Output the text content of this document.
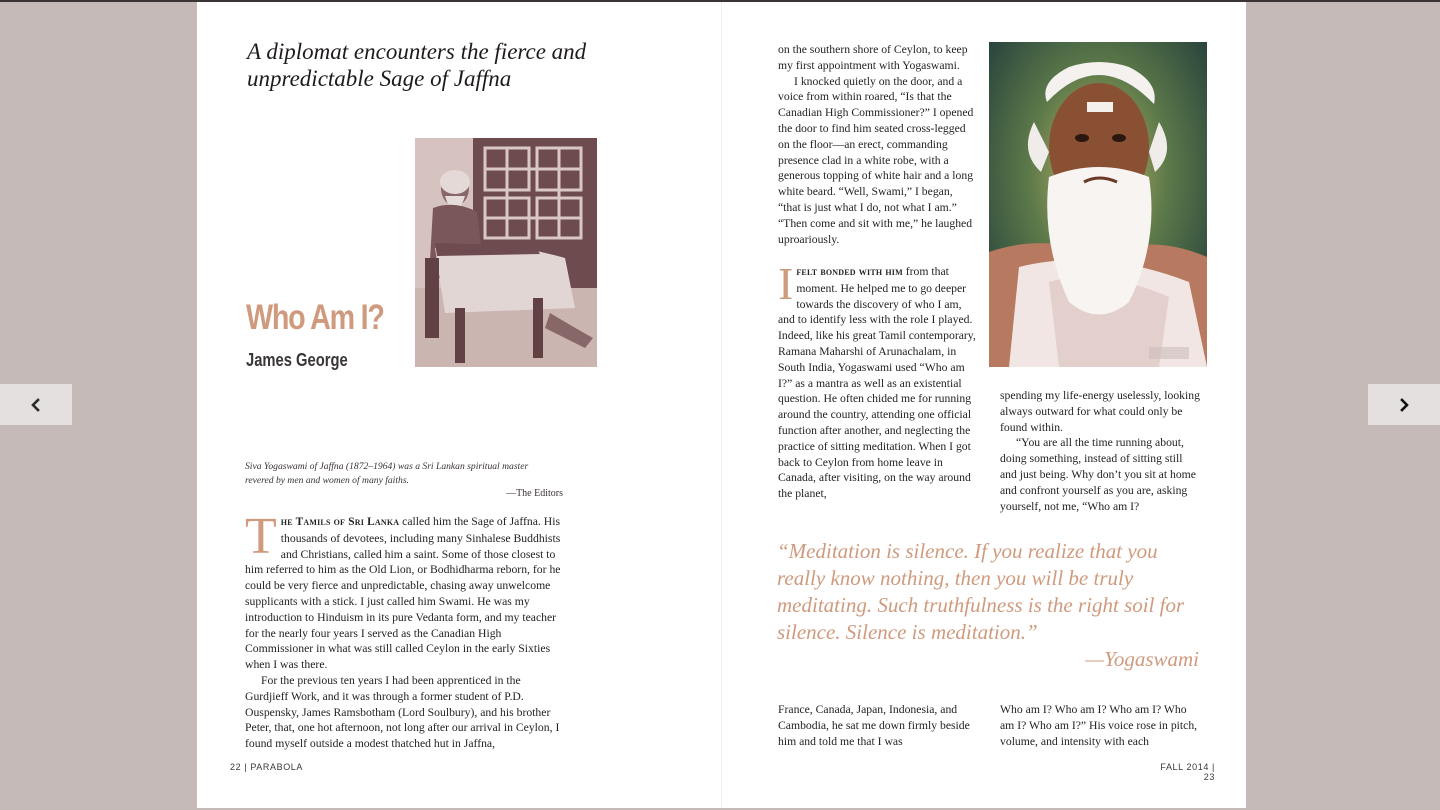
A diplomat encounters the fierce and
unpredictable Sage of Jaffna
Who Am I?
James George
Siva Yogaswami of Jaffna (1872–1964) was a Sri Lankan spiritual master
revered by men and women of many faiths.
—The Editors

The Tamils of Sri Lanka called him the Sage of Jaffna. His thousands of devotees, including many Sinhalese Buddhists and Christians, called him a saint. Some of those closest to him referred to him as the Old Lion, or Bodhidharma reborn, for he could be very fierce and unpredictable, chasing away unwelcome supplicants with a stick. I just called him Swami. He was my introduction to Hinduism in its pure Vedanta form, and my teacher for the nearly four years I served as the Canadian High Commissioner in what was still called Ceylon in the early Sixties when I was there.

For the previous ten years I had been apprenticed in the Gurdjieff Work, and it was through a former student of P.D. Ouspensky, James Ramsbotham (Lord Soulbury), and his brother Peter, that, one hot afternoon, not long after our arrival in Ceylon, I found myself outside a modest thatched hut in Jaffna,

22 | PARABOLA

on the southern shore of Ceylon, to keep my first appointment with Yogaswami.

I knocked quietly on the door, and a voice from within roared, “Is that the Canadian High Commissioner?” I opened the door to find him seated cross-legged on the floor—an erect, commanding presence clad in a white robe, with a generous topping of white hair and a long white beard. “Well, Swami,” I began, “that is just what I do, not what I am.” “Then come and sit with me,” he laughed uproariously.

Ifelt bonded with him from that moment. He helped me to go deeper towards the discovery of who I am, and to identify less with the role I played. Indeed, like his great Tamil contemporary, Ramana Maharshi of Arunachalam, in South India, Yogaswami used “Who am I?” as a mantra as well as an existential question. He often chided me for running around the country, attending one official function after another, and neglecting the practice of sitting meditation. When I got back to Ceylon from home leave in Canada, after visiting, on the way around the planet,

spending my life-energy uselessly, looking always outward for what could only be found within.

“You are all the time running about, doing something, instead of sitting still and just being. Why don’t you sit at home and confront yourself as you are, asking yourself, not me, “Who am I?

“Meditation is silence. If you realize that you really know nothing, then you will be truly meditating. Such truthfulness is the right soil for silence. Silence is meditation.”
—Yogaswami

France, Canada, Japan, Indonesia, and Cambodia, he sat me down firmly beside him and told me that I was

Who am I? Who am I? Who am I? Who am I? Who am I?” His voice rose in pitch, volume, and intensity with each

FALL 2014 | 23
